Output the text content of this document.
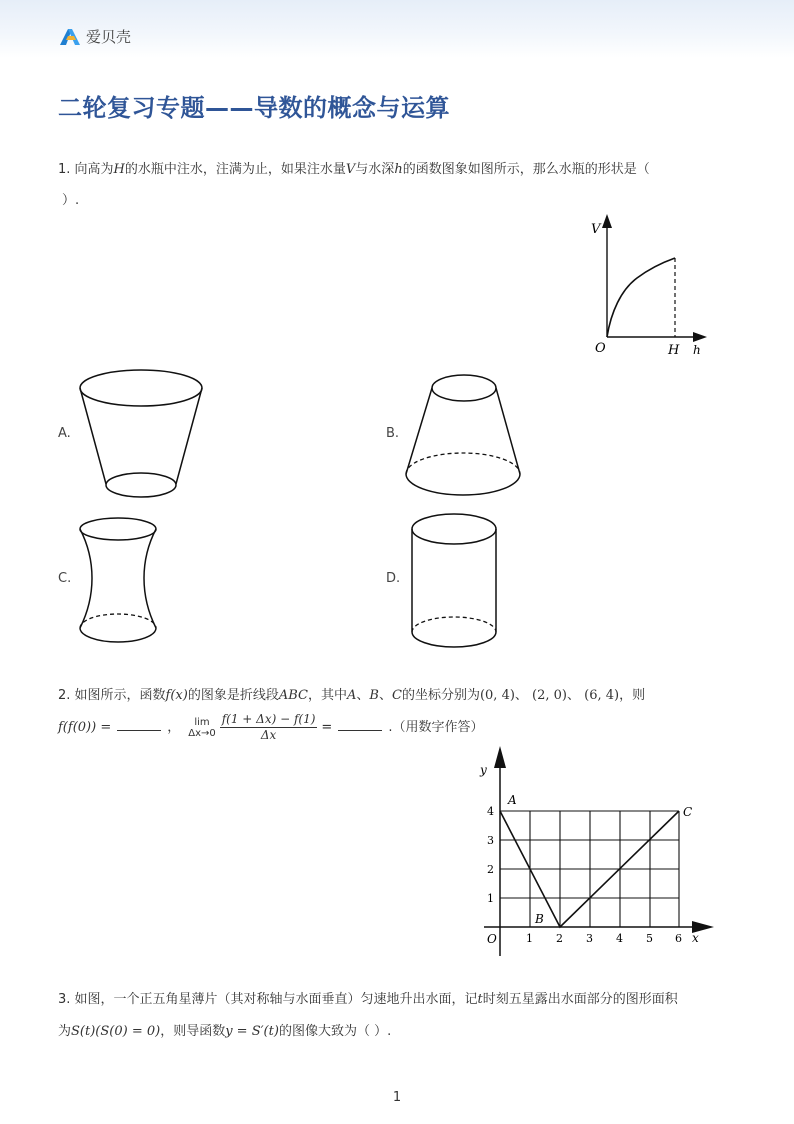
爱贝壳
二轮复习专题——导数的概念与运算
1. 向高为H的水瓶中注水，注满为止，如果注水量V与水深h的函数图象如图所示，那么水瓶的形状是（
）.
V
O	H h
A.	B.
C.	D.
2. 如图所示，函数f(x)的图象是折线段ABC，其中A、B、C的坐标分别为(0, 4)、 (2, 0)、 (6, 4)，则
f(f(0)) =	，	lim
$\Delta x\to 0 \frac{f(1 + \Delta x) - f(1)}{\Delta x}$ =	.（用数字作答）
y
x
O
A
B
C
1 2 3 4 5 6
1
2
3
4
3. 如图，一个正五角星薄片（其对称轴与水面垂直）匀速地升出水面，记t时刻五星露出水面部分的图形面积
为S(t)(S(0) = 0)，则导函数y = S′(t)的图像大致为（ ）.
1
